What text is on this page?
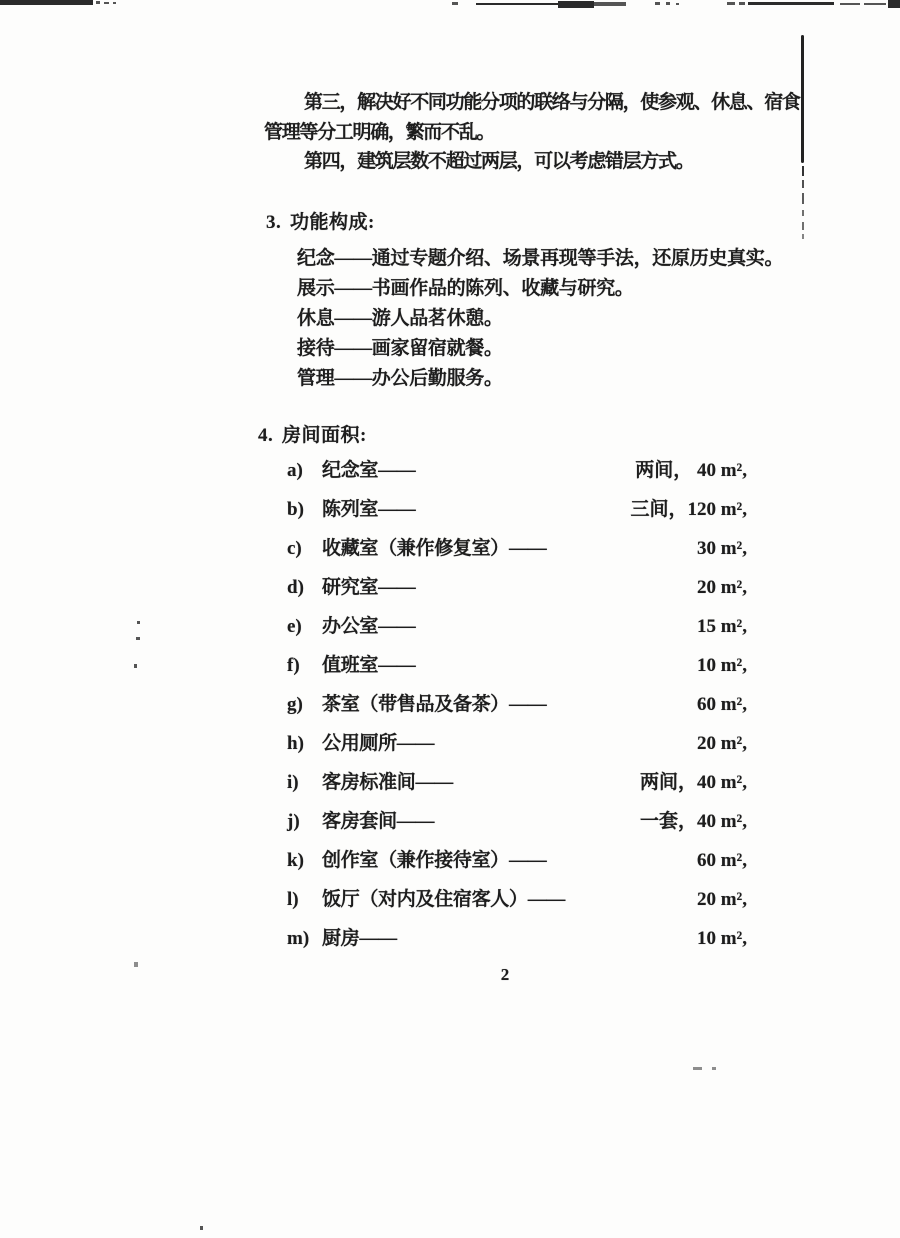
第三，解决好不同功能分项的联络与分隔，使参观、休息、宿食
管理等分工明确，繁而不乱。
第四，建筑层数不超过两层，可以考虑错层方式。
3. 功能构成:
纪念——通过专题介绍、场景再现等手法，还原历史真实。
展示——书画作品的陈列、收藏与研究。
休息——游人品茗休憩。
接待——画家留宿就餐。
管理——办公后勤服务。
4. 房间面积:
a)	纪念室——	两间， 40 m²,
b) 陈列室——	三间，120 m²,
c)	收藏室（兼作修复室）——	30 m²,
d) 研究室——	20 m²,
e)	办公室——	15 m²,
f)	值班室——	10 m²,
g)	茶室（带售品及备茶）——	60 m²,
h) 公用厕所——	20 m²,
i)	客房标准间——	两间，40 m²,
j)	客房套间——	一套，40 m²,
k) 创作室（兼作接待室）——	60 m²,
l)	饭厅（对内及住宿客人）——	20 m²,
m) 厨房——	10 m²,
2
